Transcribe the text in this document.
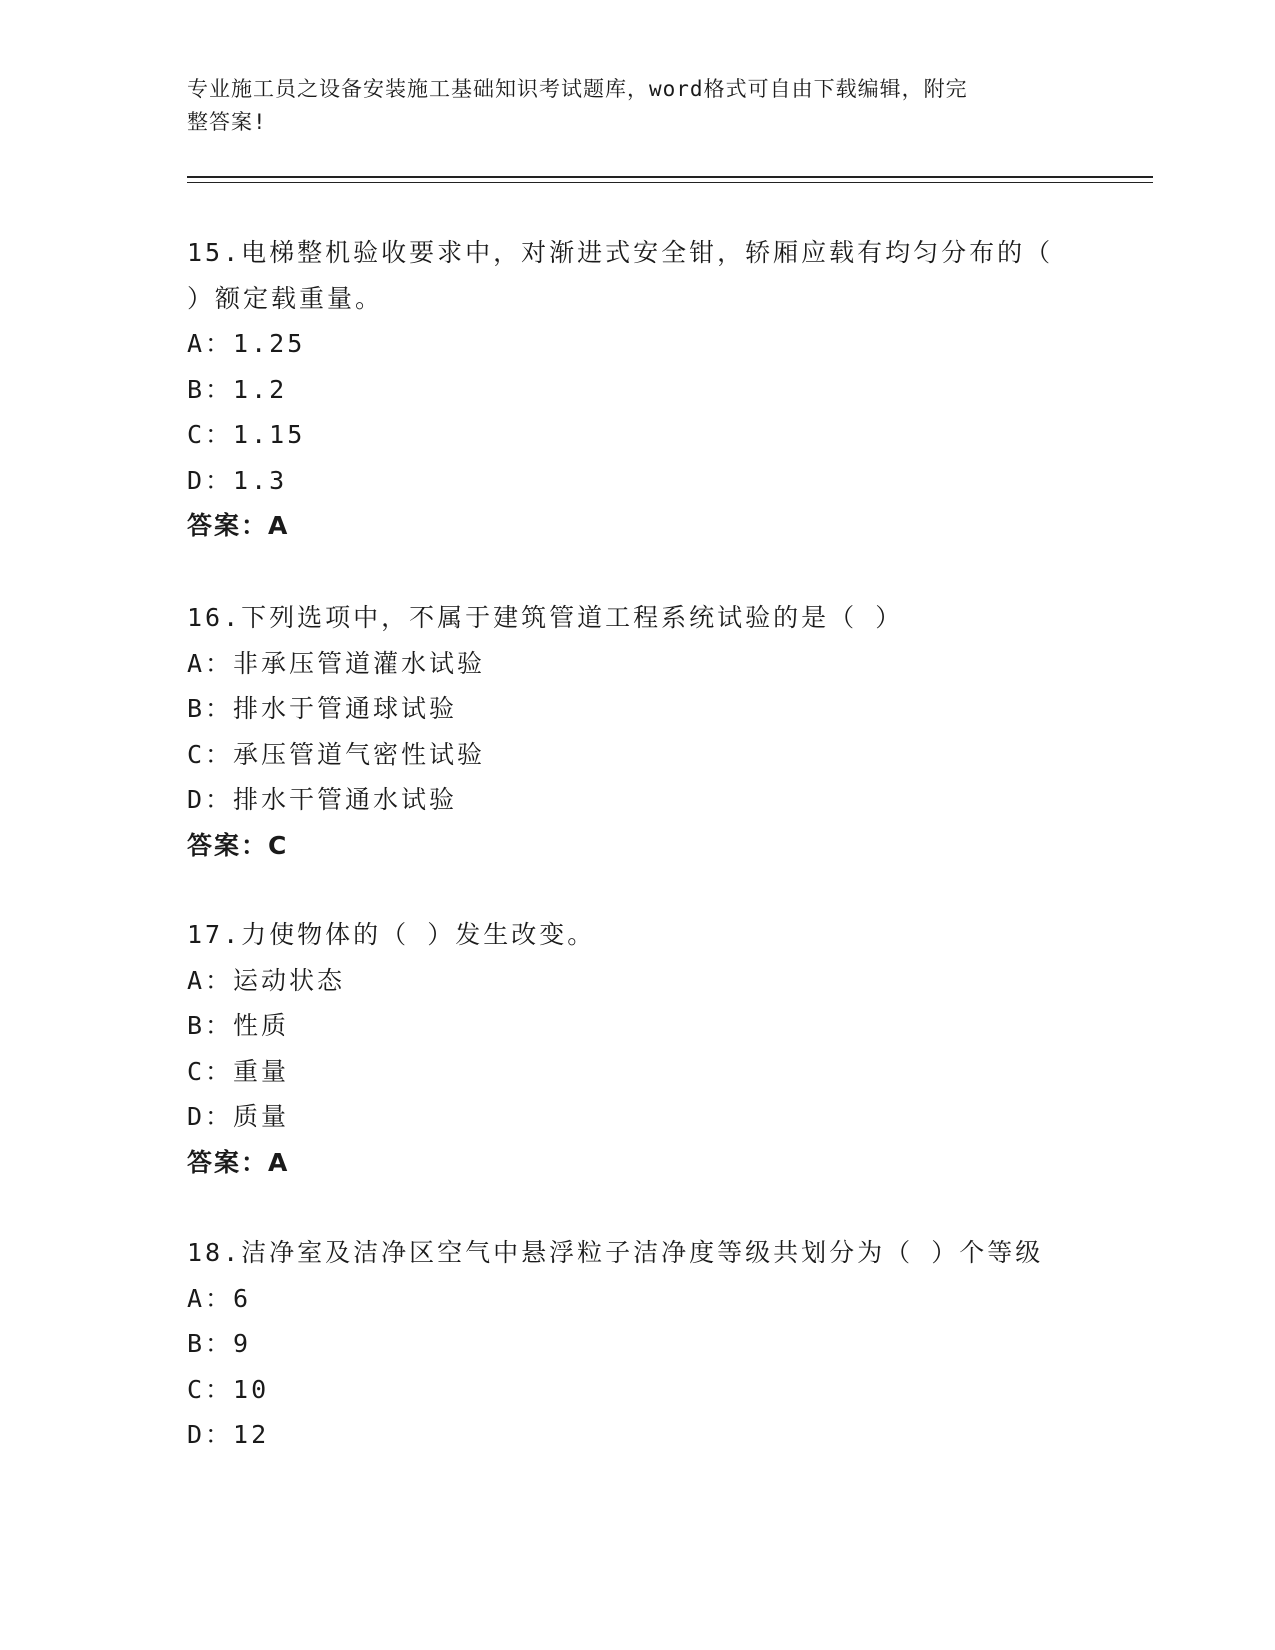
专业施工员之设备安装施工基础知识考试题库，word格式可自由下载编辑，附完
整答案!
15.电梯整机验收要求中，对渐进式安全钳，轿厢应载有均匀分布的（
）额定载重量。
A：1.25
B：1.2
C：1.15
D：1.3
答案：A
16.下列选项中，不属于建筑管道工程系统试验的是（ ）
A：非承压管道灌水试验
B：排水于管通球试验
C：承压管道气密性试验
D：排水干管通水试验
答案：C
17.力使物体的（ ）发生改变。
A：运动状态
B：性质
C：重量
D：质量
答案：A
18.洁净室及洁净区空气中悬浮粒子洁净度等级共划分为（ ）个等级
A：6
B：9
C：10
D：12
